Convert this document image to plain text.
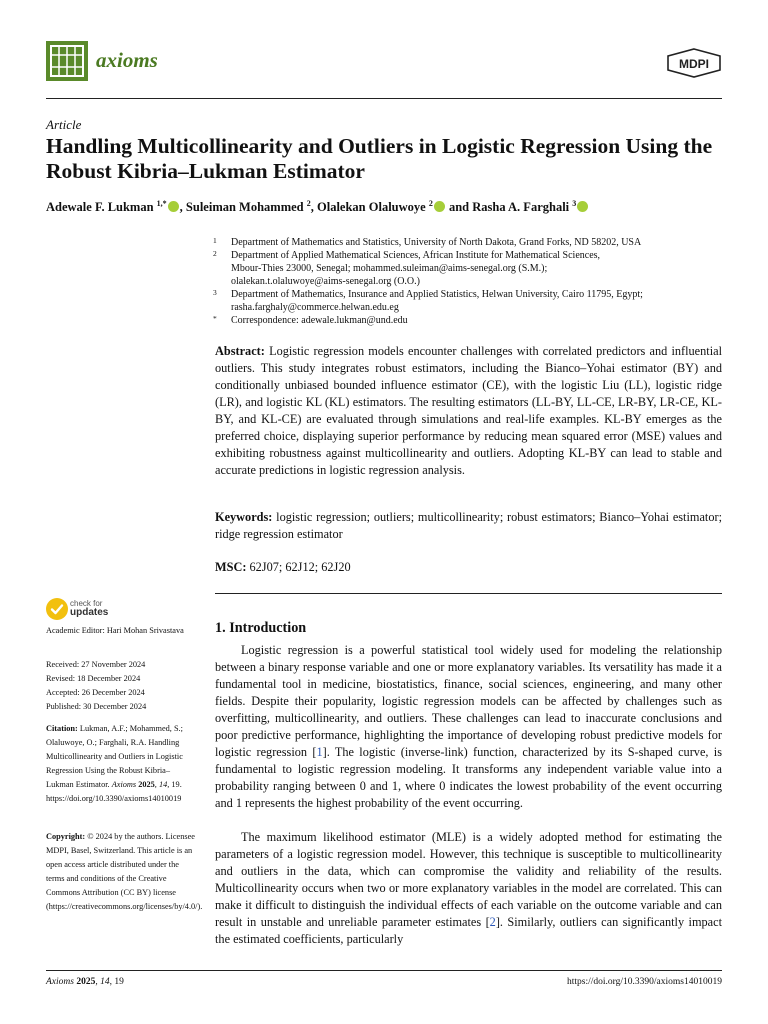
axioms	MDPI
Article
Handling Multicollinearity and Outliers in Logistic Regression Using the Robust Kibria–Lukman Estimator
Adewale F. Lukman $^{1,*}$ , Suleiman Mohammed $^2$, Olalekan Olaluwoye $^2$ and Rasha A. Farghali $^3$
1 Department of Mathematics and Statistics, University of North Dakota, Grand Forks, ND 58202, USA
2 Department of Applied Mathematical Sciences, African Institute for Mathematical Sciences,
Mbour-Thies 23000, Senegal; mohammed.suleiman@aims-senegal.org (S.M.);
olalekan.t.olaluwoye@aims-senegal.org (O.O.)
3 Department of Mathematics, Insurance and Applied Statistics, Helwan University, Cairo 11795, Egypt;
rasha.farghaly@commerce.helwan.edu.eg
* Correspondence: adewale.lukman@und.edu
Abstract: Logistic regression models encounter challenges with correlated predictors and influential outliers. This study integrates robust estimators, including the Bianco–Yohai estimator (BY) and conditionally unbiased bounded influence estimator (CE), with the logistic Liu (LL), logistic ridge (LR), and logistic KL (KL) estimators. The resulting estimators (LL-BY, LL-CE, LR-BY, LR-CE, KL-BY, and KL-CE) are evaluated through simulations and real-life examples. KL-BY emerges as the preferred choice, displaying superior performance by reducing mean squared error (MSE) values and exhibiting robustness against multicollinearity and outliers. Adopting KL-BY can lead to stable and accurate predictions in logistic regression analysis.
Keywords: logistic regression; outliers; multicollinearity; robust estimators; Bianco–Yohai estimator; ridge regression estimator
MSC: 62J07; 62J12; 62J20
check for
updates
Academic Editor: Hari Mohan Srivastava
Received: 27 November 2024
Revised: 18 December 2024
Accepted: 26 December 2024
Published: 30 December 2024
Citation: Lukman, A.F.; Mohammed, S.; Olaluwoye, O.; Farghali, R.A. Handling Multicollinearity and Outliers in Logistic Regression Using the Robust Kibria–Lukman Estimator. Axioms 2025, 14, 19. https://doi.org/10.3390/axioms14010019
Copyright: © 2024 by the authors. Licensee MDPI, Basel, Switzerland. This article is an open access article distributed under the terms and conditions of the Creative Commons Attribution (CC BY) license (https://creativecommons.org/licenses/by/4.0/).
1. Introduction
Logistic regression is a powerful statistical tool widely used for modeling the relationship between a binary response variable and one or more explanatory variables. Its versatility has made it a fundamental tool in medicine, biostatistics, finance, social sciences, engineering, and many other fields. Despite their popularity, logistic regression models can be affected by challenges such as overfitting, multicollinearity, and outliers. These challenges can lead to inaccurate conclusions and poor predictive performance, highlighting the importance of developing robust predictive models for logistic regression [1]. The logistic (inverse-link) function, characterized by its S-shaped curve, is fundamental to logistic regression modeling. It transforms any independent variable value into a probability ranging between 0 and 1, where 0 indicates the lowest probability of the event occurring and 1 represents the highest probability of the event occurring.
The maximum likelihood estimator (MLE) is a widely adopted method for estimating the parameters of a logistic regression model. However, this technique is susceptible to multicollinearity and outliers in the data, which can compromise the validity and reliability of the results. Multicollinearity occurs when two or more explanatory variables in the model are correlated. This can make it difficult to distinguish the individual effects of each variable on the outcome variable and can result in unstable and unreliable parameter estimates [2]. Similarly, outliers can significantly impact the estimated coefficients, particularly
Axioms 2025, 14, 19	https://doi.org/10.3390/axioms14010019
